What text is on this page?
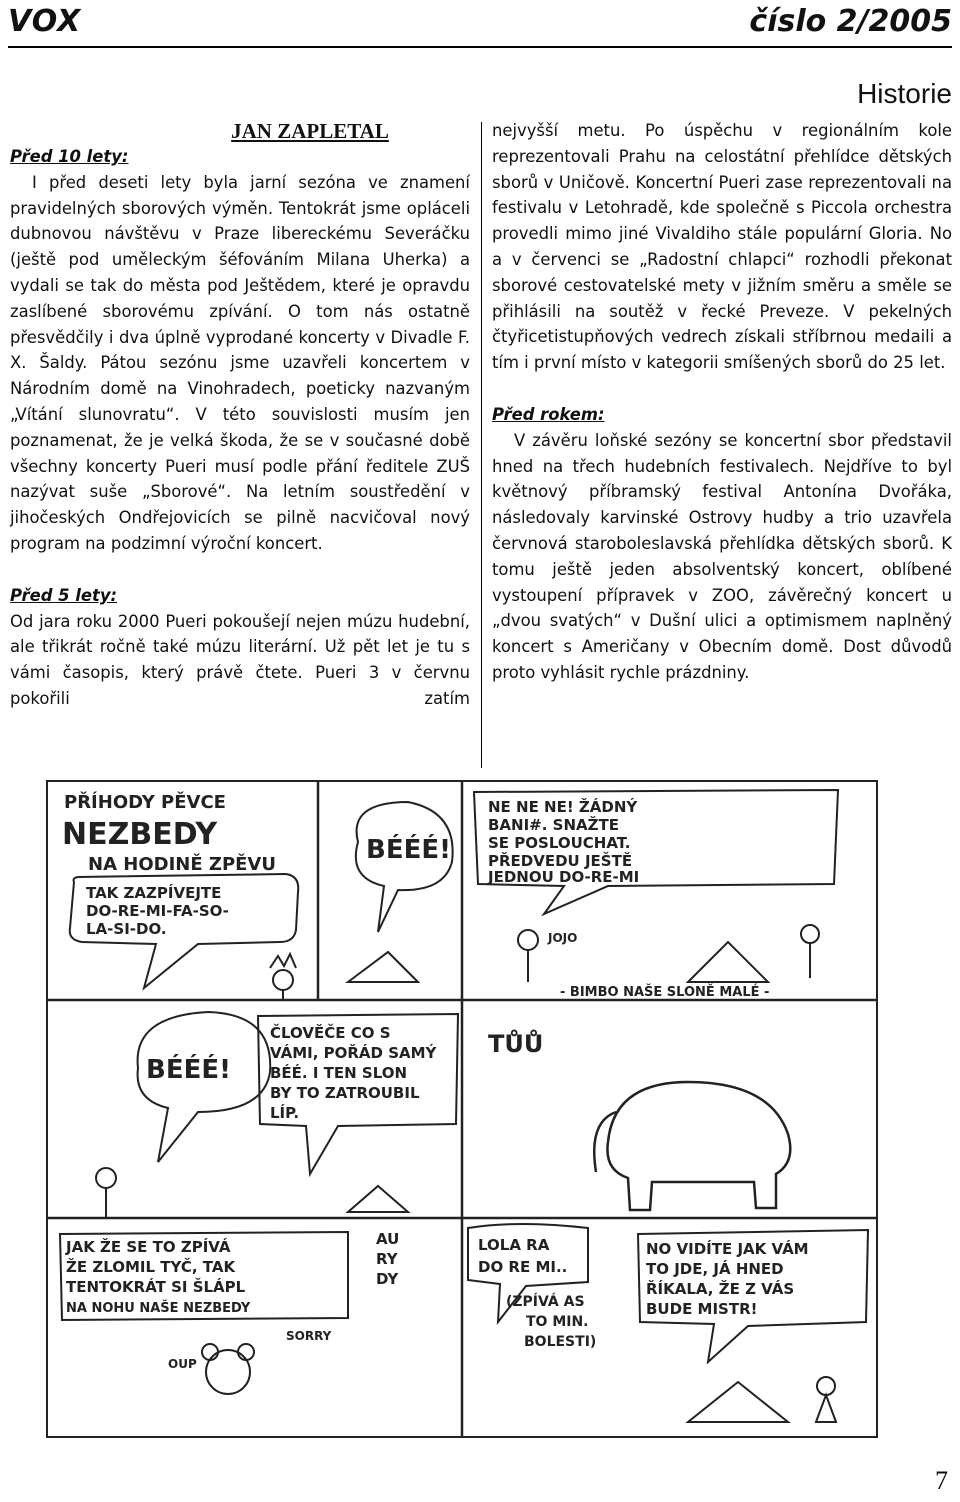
VOX	číslo 2/2005
Historie
JAN ZAPLETAL

Před 10 lety:

I před deseti lety byla jarní sezóna ve znamení pravidelných sborových výměn. Tentokrát jsme opláceli dubnovou návštěvu v Praze libereckému Severáčku (ještě pod uměleckým šéfováním Milana Uherka) a vydali se tak do města pod Ještědem, které je opravdu zaslíbené sborovému zpívání. O tom nás ostatně přesvědčily i dva úplně vyprodané koncerty v Divadle F. X. Šaldy. Pátou sezónu jsme uzavřeli koncertem v Národním domě na Vinohradech, poeticky nazvaným „Vítání slunovratu“. V této souvislosti musím jen poznamenat, že je velká škoda, že se v současné době všechny koncerty Pueri musí podle přání ředitele ZUŠ nazývat suše „Sborové“. Na letním soustředění v jihočeských Ondřejovicích se pilně nacvičoval nový program na podzimní výroční koncert.

Před 5 lety:

Od jara roku 2000 Pueri pokoušejí nejen múzu hudební, ale třikrát ročně také múzu literární. Už pět let je tu s vámi časopis, který právě čtete. Pueri 3 v červnu pokořili zatím

nejvyšší metu. Po úspěchu v regionálním kole reprezentovali Prahu na celostátní přehlídce dětských sborů v Uničově. Koncertní Pueri zase reprezentovali na festivalu v Letohradě, kde společně s Piccola orchestra provedli mimo jiné Vivaldiho stále populární Gloria. No a v červenci se „Radostní chlapci“ rozhodli překonat sborové cestovatelské mety v jižním směru a směle se přihlásili na soutěž v řecké Preveze. V pekelných čtyřicetistupňových vedrech získali stříbrnou medaili a tím i první místo v kategorii smíšených sborů do 25 let.

Před rokem:

V závěru loňské sezóny se koncertní sbor představil hned na třech hudebních festivalech. Nejdříve to byl květnový příbramský festival Antonína Dvořáka, následovaly karvinské Ostrovy hudby a trio uzavřela červnová staroboleslavská přehlídka dětských sborů. K tomu ještě jeden absolventský koncert, oblíbené vystoupení přípravek v ZOO, závěrečný koncert u „dvou svatých“ v Dušní ulici a optimismem naplněný koncert s Američany v Obecním domě. Dost důvodů proto vyhlásit rychle prázdniny.

PŘÍHODY PĚVCE
NEZBEDY
NA HODINĚ ZPĚVU
TAK ZAZPÍVEJTE
DO-RE-MI-FA-SO-
LA-SI-DO.
BÉÉÉ!
NE NE NE! ŽÁDNÝ
BANI#. SNAŽTE
SE POSLOUCHAT.
PŘEDVEDU JEŠTĚ
JEDNOU DO-RE-MI
JOJO
- BIMBO NAŠE SLONĚ MALÉ -
BÉÉÉ!
ČLOVĚČE CO S
VÁMI, POŘÁD SAMÝ
BÉÉ. I TEN SLON
BY TO ZATROUBIL
LÍP.
TŮŮ
JAK ŽE SE TO ZPÍVÁ
ŽE ZLOMIL TYČ, TAK
TENTOKRÁT SI ŠLÁPL
NA NOHU NAŠE NEZBEDY
SORRY
OUP
AU
RY
DY
LOLA RA
DO RE MI..
(ZPÍVÁ AS
TO MIN.
BOLESTI)
NO VIDÍTE JAK VÁM
TO JDE, JÁ HNED
ŘÍKALA, ŽE Z VÁS
BUDE MISTR!
7
